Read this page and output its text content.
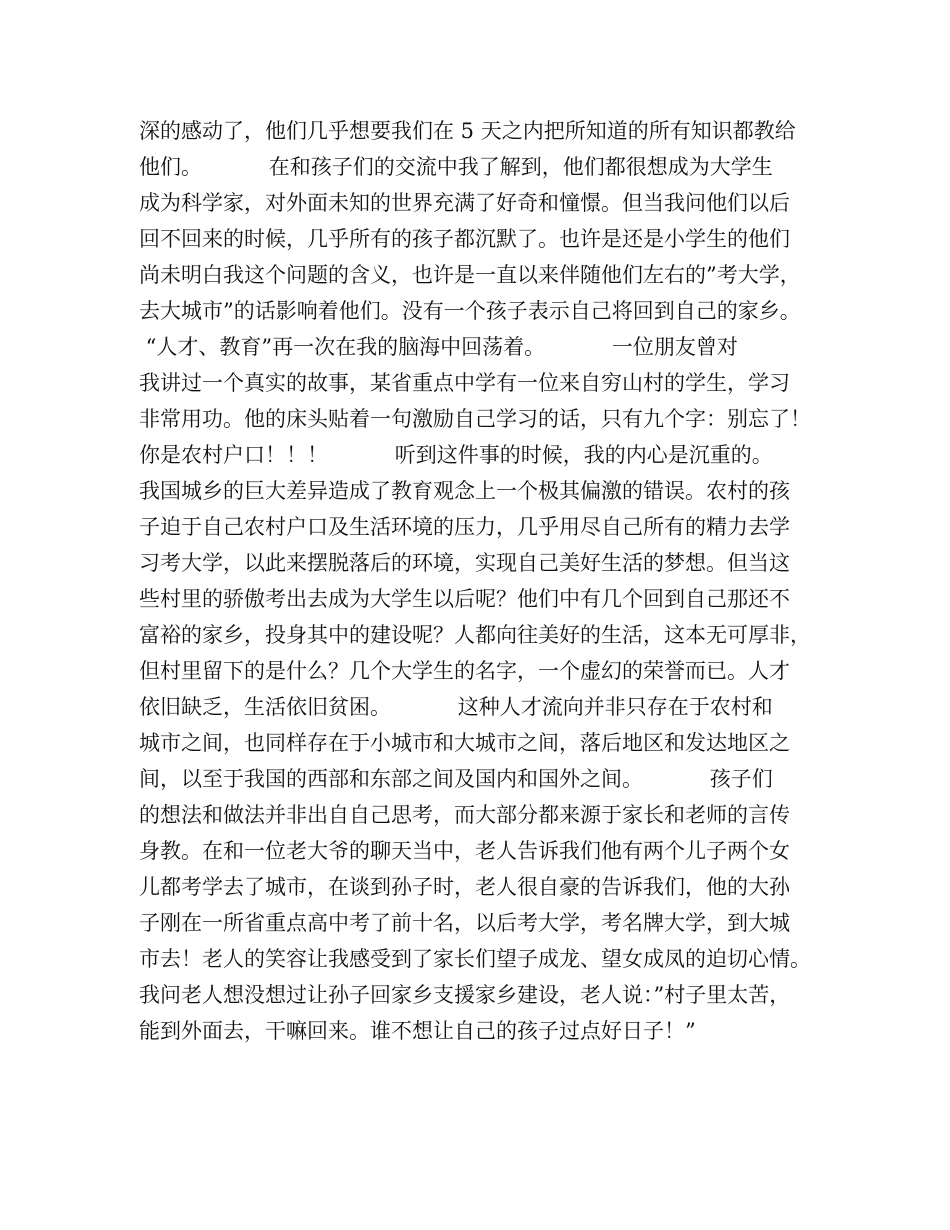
深的感动了，他们几乎想要我们在 5 天之内把所知道的所有知识都教给
他们。          在和孩子们的交流中我了解到，他们都很想成为大学生
成为科学家，对外面未知的世界充满了好奇和憧憬。但当我问他们以后
回不回来的时候，几乎所有的孩子都沉默了。也许是还是小学生的他们
尚未明白我这个问题的含义，也许是一直以来伴随他们左右的”考大学，
去大城市”的话影响着他们。没有一个孩子表示自己将回到自己的家乡。
“人才、教育”再一次在我的脑海中回荡着。          一位朋友曾对
我讲过一个真实的故事，某省重点中学有一位来自穷山村的学生，学习
非常用功。他的床头贴着一句激励自己学习的话，只有九个字：别忘了！
你是农村户口！！！          听到这件事的时候，我的内心是沉重的。
我国城乡的巨大差异造成了教育观念上一个极其偏激的错误。农村的孩
子迫于自己农村户口及生活环境的压力，几乎用尽自己所有的精力去学
习考大学，以此来摆脱落后的环境，实现自己美好生活的梦想。但当这
些村里的骄傲考出去成为大学生以后呢？他们中有几个回到自己那还不
富裕的家乡，投身其中的建设呢？人都向往美好的生活，这本无可厚非，
但村里留下的是什么？几个大学生的名字，一个虚幻的荣誉而已。人才
依旧缺乏，生活依旧贫困。          这种人才流向并非只存在于农村和
城市之间，也同样存在于小城市和大城市之间，落后地区和发达地区之
间，以至于我国的西部和东部之间及国内和国外之间。          孩子们
的想法和做法并非出自自己思考，而大部分都来源于家长和老师的言传
身教。在和一位老大爷的聊天当中，老人告诉我们他有两个儿子两个女
儿都考学去了城市，在谈到孙子时，老人很自豪的告诉我们，他的大孙
子刚在一所省重点高中考了前十名，以后考大学，考名牌大学，到大城
市去！老人的笑容让我感受到了家长们望子成龙、望女成凤的迫切心情。
我问老人想没想过让孙子回家乡支援家乡建设，老人说：”村子里太苦，
能到外面去，干嘛回来。谁不想让自己的孩子过点好日子！”
